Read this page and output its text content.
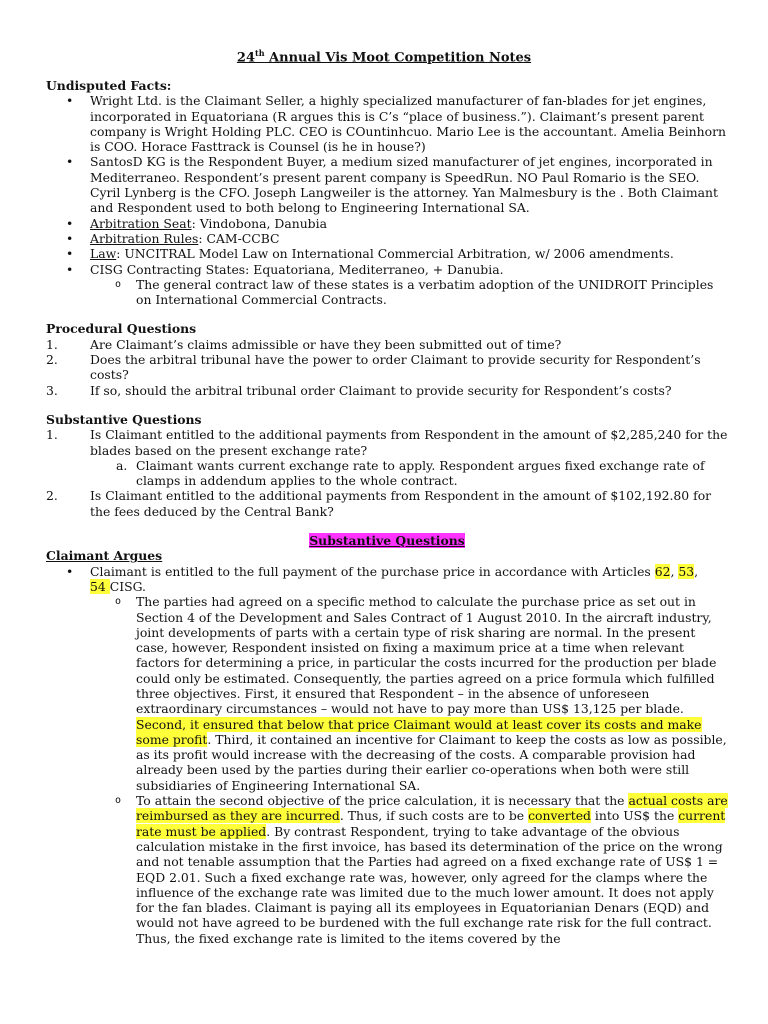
24th Annual Vis Moot Competition Notes

Undisputed Facts:

• Wright Ltd. is the Claimant Seller, a highly specialized manufacturer of fan-blades for jet engines, incorporated in Equatoriana (R argues this is C’s “place of business.”). Claimant’s present parent company is Wright Holding PLC. CEO is COuntinhcuo. Mario Lee is the accountant. Amelia Beinhorn is COO. Horace Fasttrack is Counsel (is he in house?)
• SantosD KG is the Respondent Buyer, a medium sized manufacturer of jet engines, incorporated in Mediterraneo. Respondent’s present parent company is SpeedRun. NO Paul Romario is the SEO. Cyril Lynberg is the CFO. Joseph Langweiler is the attorney. Yan Malmesbury is the . Both Claimant and Respondent used to both belong to Engineering International SA.
• Arbitration Seat: Vindobona, Danubia
• Arbitration Rules: CAM-CCBC
• Law: UNCITRAL Model Law on International Commercial Arbitration, w/ 2006 amendments.
• CISG Contracting States: Equatoriana, Mediterraneo, + Danubia.
o The general contract law of these states is a verbatim adoption of the UNIDROIT Principles on International Commercial Contracts.

Procedural Questions

1.	Are Claimant’s claims admissible or have they been submitted out of time?
2.	Does the arbitral tribunal have the power to order Claimant to provide security for Respondent’s costs?
3.	If so, should the arbitral tribunal order Claimant to provide security for Respondent’s costs?

Substantive Questions

1.	Is Claimant entitled to the additional payments from Respondent in the amount of $2,285,240 for the blades based on the present exchange rate?
a. Claimant wants current exchange rate to apply. Respondent argues fixed exchange rate of clamps in addendum applies to the whole contract.
2.	Is Claimant entitled to the additional payments from Respondent in the amount of $102,192.80 for the fees deduced by the Central Bank?
Substantive Questions

Claimant Argues

• Claimant is entitled to the full payment of the purchase price in accordance with Articles 62, 53,
54 CISG.
o The parties had agreed on a specific method to calculate the purchase price as set out in Section 4 of the Development and Sales Contract of 1 August 2010. In the aircraft industry, joint developments of parts with a certain type of risk sharing are normal. In the present case, however, Respondent insisted on fixing a maximum price at a time when relevant factors for determining a price, in particular the costs incurred for the production per blade could only be estimated. Consequently, the parties agreed on a price formula which fulfilled three objectives. First, it ensured that Respondent – in the absence of unforeseen extraordinary circumstances – would not have to pay more than US$ 13,125 per blade. Second, it ensured that below that price Claimant would at least cover its costs and make some profit. Third, it contained an incentive for Claimant to keep the costs as low as possible, as its profit would increase with the decreasing of the costs. A comparable provision had already been used by the parties during their earlier co-operations when both were still subsidiaries of Engineering International SA.
o To attain the second objective of the price calculation, it is necessary that the actual costs are reimbursed as they are incurred. Thus, if such costs are to be converted into US$ the current rate must be applied. By contrast Respondent, trying to take advantage of the obvious calculation mistake in the first invoice, has based its determination of the price on the wrong and not tenable assumption that the Parties had agreed on a fixed exchange rate of US$ 1 = EQD 2.01. Such a fixed exchange rate was, however, only agreed for the clamps where the influence of the exchange rate was limited due to the much lower amount. It does not apply for the fan blades. Claimant is paying all its employees in Equatorianian Denars (EQD) and would not have agreed to be burdened with the full exchange rate risk for the full contract. Thus, the fixed exchange rate is limited to the items covered by the
